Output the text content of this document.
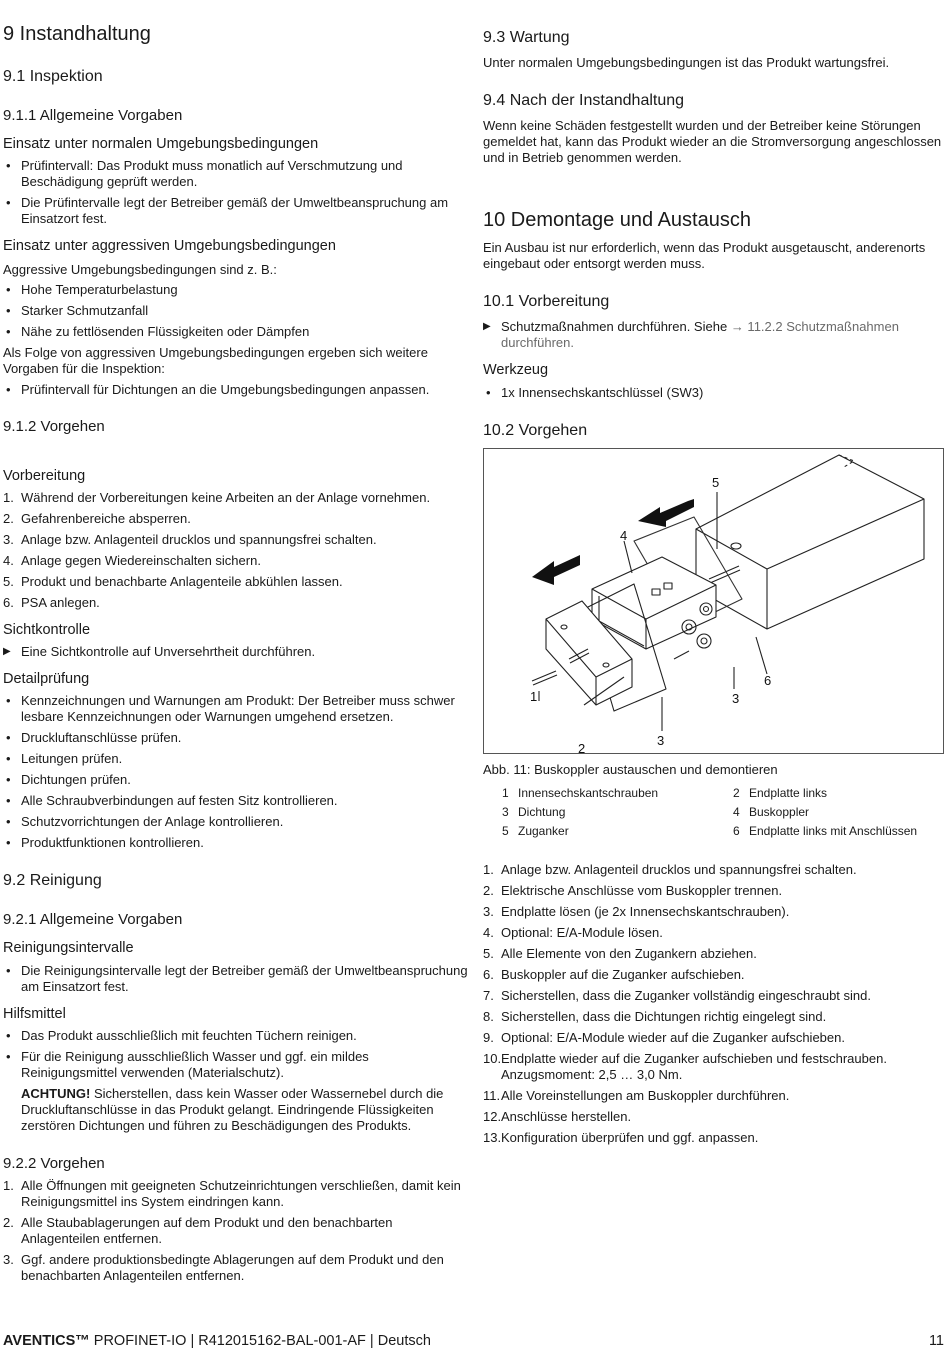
9 Instandhaltung
9.1 Inspektion
9.1.1 Allgemeine Vorgaben
Einsatz unter normalen Umgebungsbedingungen
• Prüfintervall: Das Produkt muss monatlich auf Verschmutzung und Beschädigung geprüft werden.
• Die Prüfintervalle legt der Betreiber gemäß der Umweltbeanspruchung am Einsatzort fest.
Einsatz unter aggressiven Umgebungsbedingungen
Aggressive Umgebungsbedingungen sind z. B.:
• Hohe Temperaturbelastung
• Starker Schmutzanfall
• Nähe zu fettlösenden Flüssigkeiten oder Dämpfen
Als Folge von aggressiven Umgebungsbedingungen ergeben sich weitere Vorgaben für die Inspektion:
• Prüfintervall für Dichtungen an die Umgebungsbedingungen anpassen.
9.1.2 Vorgehen
Vorbereitung
1. Während der Vorbereitungen keine Arbeiten an der Anlage vornehmen.
2. Gefahrenbereiche absperren.
3. Anlage bzw. Anlagenteil drucklos und spannungsfrei schalten.
4. Anlage gegen Wiedereinschalten sichern.
5. Produkt und benachbarte Anlagenteile abkühlen lassen.
6. PSA anlegen.
Sichtkontrolle
▶ Eine Sichtkontrolle auf Unversehrtheit durchführen.
Detailprüfung
• Kennzeichnungen und Warnungen am Produkt: Der Betreiber muss schwer lesbare Kennzeichnungen oder Warnungen umgehend ersetzen.
• Druckluftanschlüsse prüfen.
• Leitungen prüfen.
• Dichtungen prüfen.
• Alle Schraubverbindungen auf festen Sitz kontrollieren.
• Schutzvorrichtungen der Anlage kontrollieren.
• Produktfunktionen kontrollieren.
9.2 Reinigung
9.2.1 Allgemeine Vorgaben
Reinigungsintervalle
• Die Reinigungsintervalle legt der Betreiber gemäß der Umweltbeanspruchung am Einsatzort fest.
Hilfsmittel
• Das Produkt ausschließlich mit feuchten Tüchern reinigen.
• Für die Reinigung ausschließlich Wasser und ggf. ein mildes Reinigungsmittel verwenden (Materialschutz).
ACHTUNG! Sicherstellen, dass kein Wasser oder Wassernebel durch die Druckluftanschlüsse in das Produkt gelangt. Eindringende Flüssigkeiten zerstören Dichtungen und führen zu Beschädigungen des Produkts.
9.2.2 Vorgehen
1. Alle Öffnungen mit geeigneten Schutzeinrichtungen verschließen, damit kein Reinigungsmittel ins System eindringen kann.
2. Alle Staubablagerungen auf dem Produkt und den benachbarten Anlagenteilen entfernen.
3. Ggf. andere produktionsbedingte Ablagerungen auf dem Produkt und den benachbarten Anlagenteilen entfernen.
9.3 Wartung
Unter normalen Umgebungsbedingungen ist das Produkt wartungsfrei.
9.4 Nach der Instandhaltung
Wenn keine Schäden festgestellt wurden und der Betreiber keine Störungen gemeldet hat, kann das Produkt wieder an die Stromversorgung angeschlossen und in Betrieb genommen werden.
10 Demontage und Austausch
Ein Ausbau ist nur erforderlich, wenn das Produkt ausgetauscht, anderenorts eingebaut oder entsorgt werden muss.
10.1 Vorbereitung
▶ Schutzmaßnahmen durchführen. Siehe → 11.2.2 Schutzmaßnahmen durchführen.
Werkzeug
• 1x Innensechskantschlüssel (SW3)
10.2 Vorgehen
1
2
3
3
4
5
6
Abb. 11: Buskoppler austauschen und demontieren
1 Innensechskantschrauben	2 Endplatte links
3 Dichtung	4 Buskoppler
5 Zuganker	6 Endplatte links mit Anschlüssen
1. Anlage bzw. Anlagenteil drucklos und spannungsfrei schalten.
2. Elektrische Anschlüsse vom Buskoppler trennen.
3. Endplatte lösen (je 2x Innensechskantschrauben).
4. Optional: E/A-Module lösen.
5. Alle Elemente von den Zugankern abziehen.
6. Buskoppler auf die Zuganker aufschieben.
7. Sicherstellen, dass die Zuganker vollständig eingeschraubt sind.
8. Sicherstellen, dass die Dichtungen richtig eingelegt sind.
9. Optional: E/A-Module wieder auf die Zuganker aufschieben.
10. Endplatte wieder auf die Zuganker aufschieben und festschrauben. Anzugsmoment: 2,5 … 3,0 Nm.
11. Alle Voreinstellungen am Buskoppler durchführen.
12. Anschlüsse herstellen.
13. Konfiguration überprüfen und ggf. anpassen.
AVENTICS™ PROFINET-IO | R412015162-BAL-001-AF | Deutsch	11
